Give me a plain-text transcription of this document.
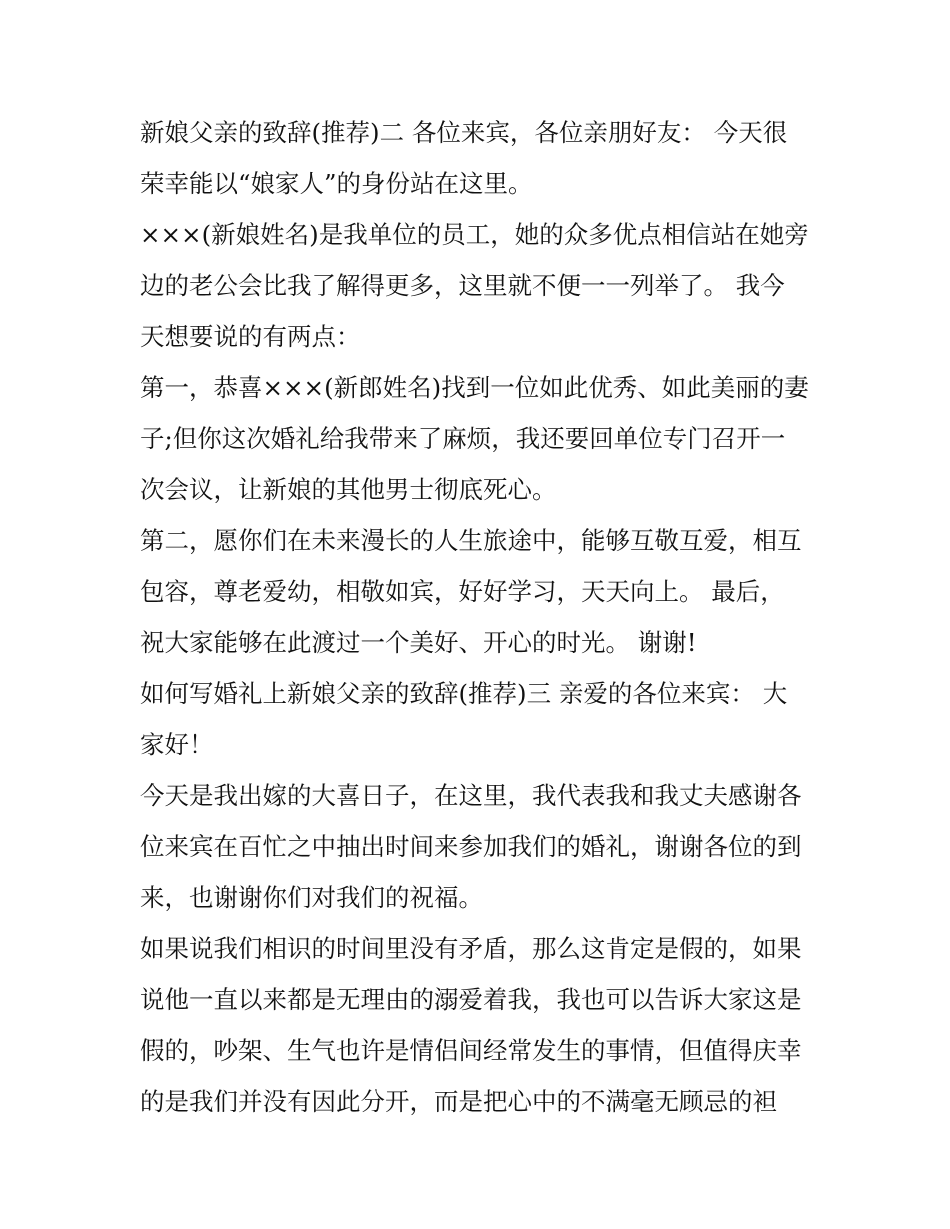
新娘父亲的致辞(推荐)二 各位来宾，各位亲朋好友： 今天很
荣幸能以“娘家人”的身份站在这里。
×××(新娘姓名)是我单位的员工，她的众多优点相信站在她旁
边的老公会比我了解得更多，这里就不便一一列举了。 我今
天想要说的有两点：
第一，恭喜×××(新郎姓名)找到一位如此优秀、如此美丽的妻
子;但你这次婚礼给我带来了麻烦，我还要回单位专门召开一
次会议，让新娘的其他男士彻底死心。
第二，愿你们在未来漫长的人生旅途中，能够互敬互爱，相互
包容，尊老爱幼，相敬如宾，好好学习，天天向上。 最后，
祝大家能够在此渡过一个美好、开心的时光。 谢谢!
如何写婚礼上新娘父亲的致辞(推荐)三 亲爱的各位来宾： 大
家好！
今天是我出嫁的大喜日子，在这里，我代表我和我丈夫感谢各
位来宾在百忙之中抽出时间来参加我们的婚礼，谢谢各位的到
来，也谢谢你们对我们的祝福。
如果说我们相识的时间里没有矛盾，那么这肯定是假的，如果
说他一直以来都是无理由的溺爱着我，我也可以告诉大家这是
假的，吵架、生气也许是情侣间经常发生的事情，但值得庆幸
的是我们并没有因此分开，而是把心中的不满毫无顾忌的袒
